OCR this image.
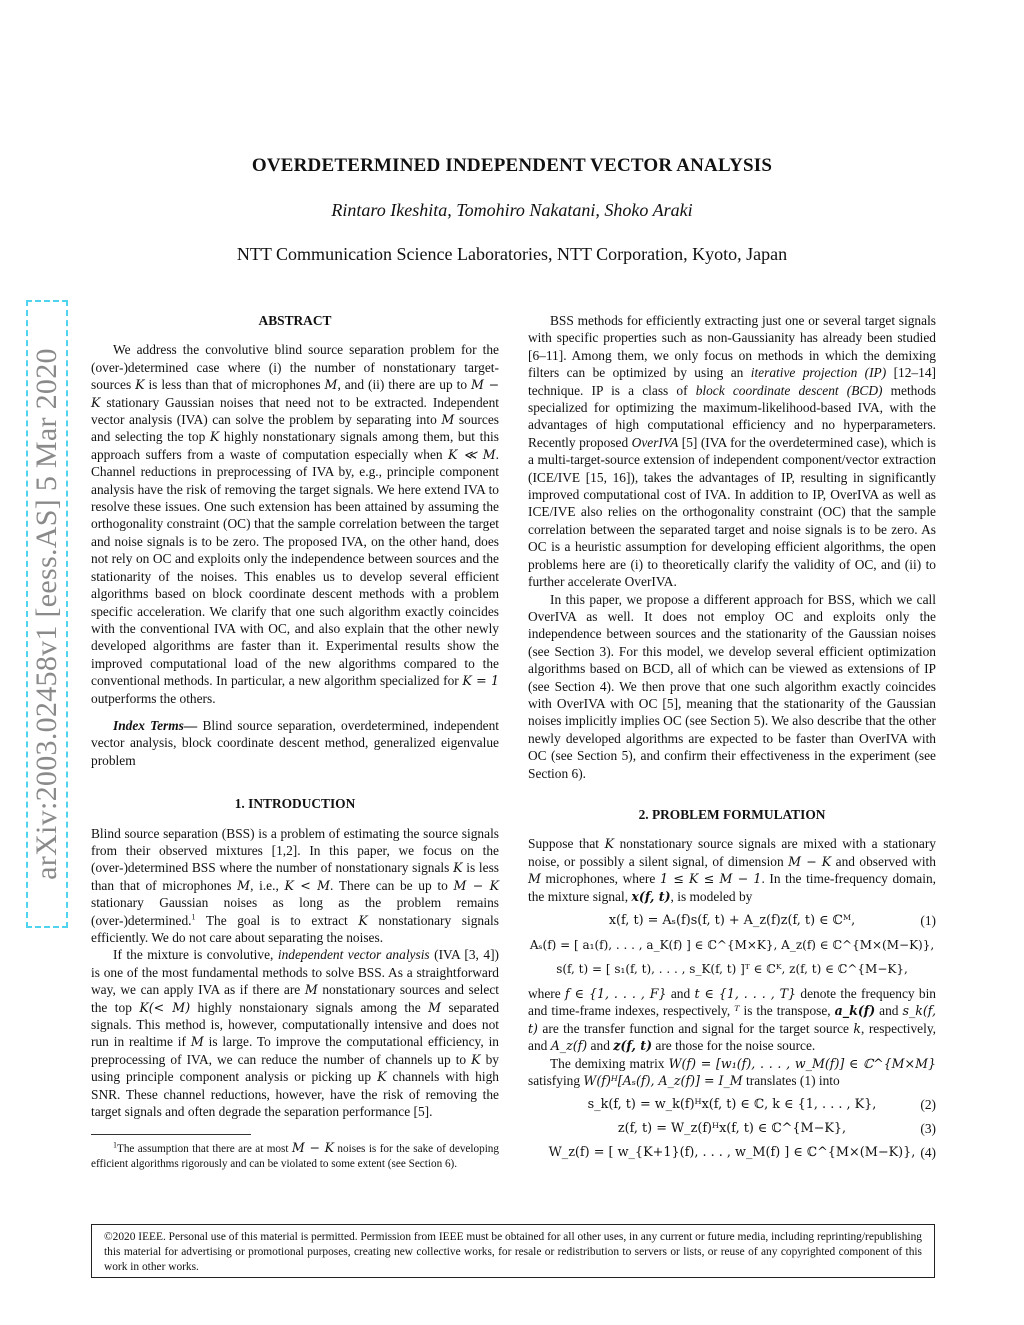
arXiv:2003.02458v1 [eess.AS] 5 Mar 2020
OVERDETERMINED INDEPENDENT VECTOR ANALYSIS
Rintaro Ikeshita, Tomohiro Nakatani, Shoko Araki
NTT Communication Science Laboratories, NTT Corporation, Kyoto, Japan
ABSTRACT

We address the convolutive blind source separation problem for the (over-)determined case where (i) the number of nonstationary target-sources K is less than that of microphones M, and (ii) there are up to M − K stationary Gaussian noises that need not to be extracted. Independent vector analysis (IVA) can solve the problem by separating into M sources and selecting the top K highly nonstationary signals among them, but this approach suffers from a waste of computation especially when K ≪ M. Channel reductions in preprocessing of IVA by, e.g., principle component analysis have the risk of removing the target signals. We here extend IVA to resolve these issues. One such extension has been attained by assuming the orthogonality constraint (OC) that the sample correlation between the target and noise signals is to be zero. The proposed IVA, on the other hand, does not rely on OC and exploits only the independence between sources and the stationarity of the noises. This enables us to develop several efficient algorithms based on block coordinate descent methods with a problem specific acceleration. We clarify that one such algorithm exactly coincides with the conventional IVA with OC, and also explain that the other newly developed algorithms are faster than it. Experimental results show the improved computational load of the new algorithms compared to the conventional methods. In particular, a new algorithm specialized for K = 1 outperforms the others.

Index Terms— Blind source separation, overdetermined, independent vector analysis, block coordinate descent method, generalized eigenvalue problem

1. INTRODUCTION

Blind source separation (BSS) is a problem of estimating the source signals from their observed mixtures [1,2]. In this paper, we focus on the (over-)determined BSS where the number of nonstationary signals K is less than that of microphones M, i.e., K < M. There can be up to M − K stationary Gaussian noises as long as the problem remains (over-)determined.$^1$ The goal is to extract K nonstationary signals efficiently. We do not care about separating the noises.

If the mixture is convolutive, independent vector analysis (IVA [3, 4]) is one of the most fundamental methods to solve BSS. As a straightforward way, we can apply IVA as if there are M nonstationary sources and select the top K(< M) highly nonstaionary signals among the M separated signals. This method is, however, computationally intensive and does not run in realtime if M is large. To improve the computational efficiency, in preprocessing of IVA, we can reduce the number of channels up to K by using principle component analysis or picking up K channels with high SNR. These channel reductions, however, have the risk of removing the target signals and often degrade the separation performance [5].

$^1$The assumption that there are at most M − K noises is for the sake of developing efficient algorithms rigorously and can be violated to some extent (see Section 6).

BSS methods for efficiently extracting just one or several target signals with specific properties such as non-Gaussianity has already been studied [6–11]. Among them, we only focus on methods in which the demixing filters can be optimized by using an iterative projection (IP) [12–14] technique. IP is a class of block coordinate descent (BCD) methods specialized for optimizing the maximum-likelihood-based IVA, with the advantages of high computational efficiency and no hyperparameters. Recently proposed OverIVA [5] (IVA for the overdetermined case), which is a multi-target-source extension of independent component/vector extraction (ICE/IVE [15, 16]), takes the advantages of IP, resulting in significantly improved computational cost of IVA. In addition to IP, OverIVA as well as ICE/IVE also relies on the orthogonality constraint (OC) that the sample correlation between the separated target and noise signals is to be zero. As OC is a heuristic assumption for developing efficient algorithms, the open problems here are (i) to theoretically clarify the validity of OC, and (ii) to further accelerate OverIVA.

In this paper, we propose a different approach for BSS, which we call OverIVA as well. It does not employ OC and exploits only the independence between sources and the stationarity of the Gaussian noises (see Section 3). For this model, we develop several efficient optimization algorithms based on BCD, all of which can be viewed as extensions of IP (see Section 4). We then prove that one such algorithm exactly coincides with OverIVA with OC [5], meaning that the stationarity of the Gaussian noises implicitly implies OC (see Section 5). We also describe that the other newly developed algorithms are expected to be faster than OverIVA with OC (see Section 5), and confirm their effectiveness in the experiment (see Section 6).

2. PROBLEM FORMULATION

Suppose that K nonstationary source signals are mixed with a stationary noise, or possibly a silent signal, of dimension M − K and observed with M microphones, where 1 ≤ K ≤ M − 1. In the time-frequency domain, the mixture signal, x(f, t), is modeled by

x(f, t) = Aₛ(f)s(f, t) + A_z(f)z(f, t) ∈ ℂᴹ,	(1)
Aₛ(f) = [ a₁(f), . . . , a_K(f) ] ∈ ℂ^{M×K}, A_z(f) ∈ ℂ^{M×(M−K)},
s(f, t) = [ s₁(f, t), . . . , s_K(f, t) ]ᵀ ∈ ℂᴷ, z(f, t) ∈ ℂ^{M−K},

where f ∈ {1, . . . , F} and t ∈ {1, . . . , T} denote the frequency bin and time-frame indexes, respectively, ᵀ is the transpose, a_k(f) and s_k(f, t) are the transfer function and signal for the target source k, respectively, and A_z(f) and z(f, t) are those for the noise source.

The demixing matrix W(f) = [w₁(f), . . . , w_M(f)] ∈ ℂ^{M×M} satisfying W(f)ᴴ[Aₛ(f), A_z(f)] = I_M translates (1) into

s_k(f, t) = w_k(f)ᴴx(f, t) ∈ ℂ, k ∈ {1, . . . , K},	(2)
z(f, t) = W_z(f)ᴴx(f, t) ∈ ℂ^{M−K},	(3)
W_z(f) = [ w_{K+1}(f), . . . , w_M(f) ] ∈ ℂ^{M×(M−K)}, (4)
©2020 IEEE. Personal use of this material is permitted. Permission from IEEE must be obtained for all other uses, in any current or future media, including reprinting/republishing this material for advertising or promotional purposes, creating new collective works, for resale or redistribution to servers or lists, or reuse of any copyrighted component of this work in other works.
